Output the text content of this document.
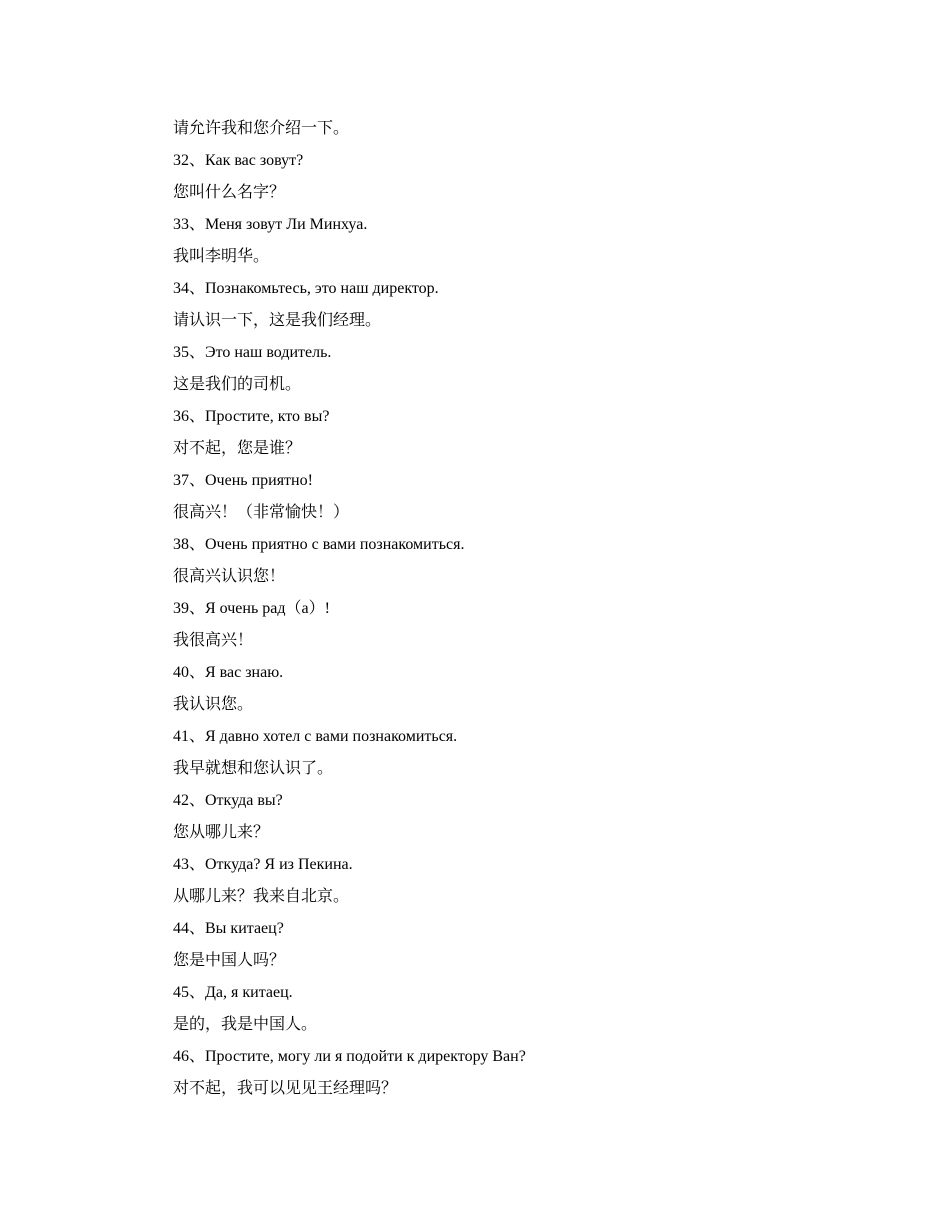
请允许我和您介绍一下。
32、Как вас зовут?
您叫什么名字？
33、Меня зовут Ли Минхуа.
我叫李明华。
34、Познакомьтесь, это наш директор.
请认识一下，这是我们经理。
35、Это наш водитель.
这是我们的司机。
36、Простите, кто вы?
对不起，您是谁？
37、Очень приятно!
很高兴！（非常愉快！）
38、Очень приятно с вами познакомиться.
很高兴认识您！
39、Я очень рад（а）!
我很高兴！
40、Я вас знаю.
我认识您。
41、Я давно хотел с вами познакомиться.
我早就想和您认识了。
42、Откуда вы?
您从哪儿来？
43、Откуда? Я из Пекина.
从哪儿来？我来自北京。
44、Вы китаец?
您是中国人吗？
45、Да, я китаец.
是的，我是中国人。
46、Простите, могу ли я подойти к директору Ван?
对不起，我可以见见王经理吗？
